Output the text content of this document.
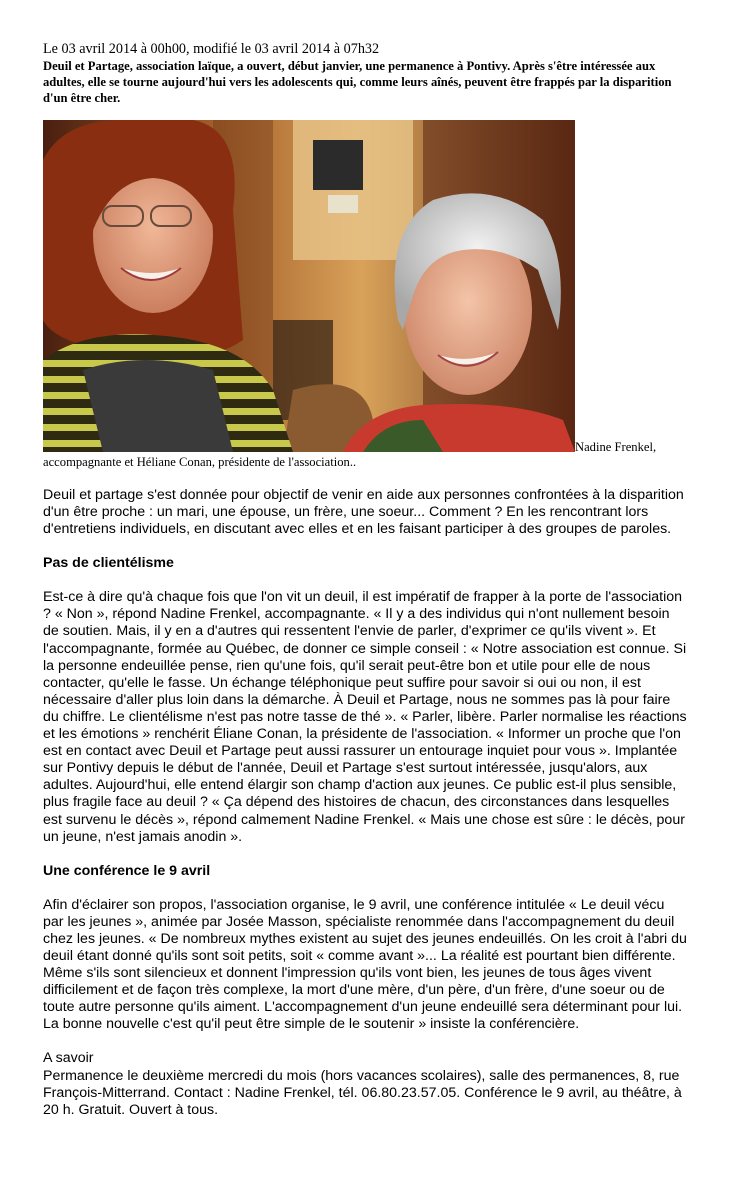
Le 03 avril 2014 à 00h00, modifié le 03 avril 2014 à 07h32

Deuil et Partage, association laïque, a ouvert, début janvier, une permanence à Pontivy. Après s'être intéressée aux adultes, elle se tourne aujourd'hui vers les adolescents qui, comme leurs aînés, peuvent être frappés par la disparition d'un être cher.

Nadine Frenkel,

accompagnante et Héliane Conan, présidente de l'association..

Deuil et partage s'est donnée pour objectif de venir en aide aux personnes confrontées à la disparition d'un être proche : un mari, une épouse, un frère, une soeur... Comment ? En les rencontrant lors d'entretiens individuels, en discutant avec elles et en les faisant participer à des groupes de paroles.

Pas de clientélisme

Est-ce à dire qu'à chaque fois que l'on vit un deuil, il est impératif de frapper à la porte de l'association ? « Non », répond Nadine Frenkel, accompagnante. « Il y a des individus qui n'ont nullement besoin de soutien. Mais, il y en a d'autres qui ressentent l'envie de parler, d'exprimer ce qu'ils vivent ». Et l'accompagnante, formée au Québec, de donner ce simple conseil : « Notre association est connue. Si la personne endeuillée pense, rien qu'une fois, qu'il serait peut-être bon et utile pour elle de nous contacter, qu'elle le fasse. Un échange téléphonique peut suffire pour savoir si oui ou non, il est nécessaire d'aller plus loin dans la démarche. À Deuil et Partage, nous ne sommes pas là pour faire du chiffre. Le clientélisme n'est pas notre tasse de thé ». « Parler, libère. Parler normalise les réactions et les émotions » renchérit Éliane Conan, la présidente de l'association. « Informer un proche que l'on est en contact avec Deuil et Partage peut aussi rassurer un entourage inquiet pour vous ». Implantée sur Pontivy depuis le début de l'année, Deuil et Partage s'est surtout intéressée, jusqu'alors, aux adultes. Aujourd'hui, elle entend élargir son champ d'action aux jeunes. Ce public est-il plus sensible, plus fragile face au deuil ? « Ça dépend des histoires de chacun, des circonstances dans lesquelles est survenu le décès », répond calmement Nadine Frenkel. « Mais une chose est sûre : le décès, pour un jeune, n'est jamais anodin ».

Une conférence le 9 avril

Afin d'éclairer son propos, l'association organise, le 9 avril, une conférence intitulée « Le deuil vécu par les jeunes », animée par Josée Masson, spécialiste renommée dans l'accompagnement du deuil chez les jeunes. « De nombreux mythes existent au sujet des jeunes endeuillés. On les croit à l'abri du deuil étant donné qu'ils sont soit petits, soit « comme avant »... La réalité est pourtant bien différente. Même s'ils sont silencieux et donnent l'impression qu'ils vont bien, les jeunes de tous âges vivent difficilement et de façon très complexe, la mort d'une mère, d'un père, d'un frère, d'une soeur ou de toute autre personne qu'ils aiment. L'accompagnement d'un jeune endeuillé sera déterminant pour lui. La bonne nouvelle c'est qu'il peut être simple de le soutenir » insiste la conférencière.

A savoir

Permanence le deuxième mercredi du mois (hors vacances scolaires), salle des permanences, 8, rue François-Mitterrand. Contact : Nadine Frenkel, tél. 06.80.23.57.05. Conférence le 9 avril, au théâtre, à 20 h. Gratuit. Ouvert à tous.
